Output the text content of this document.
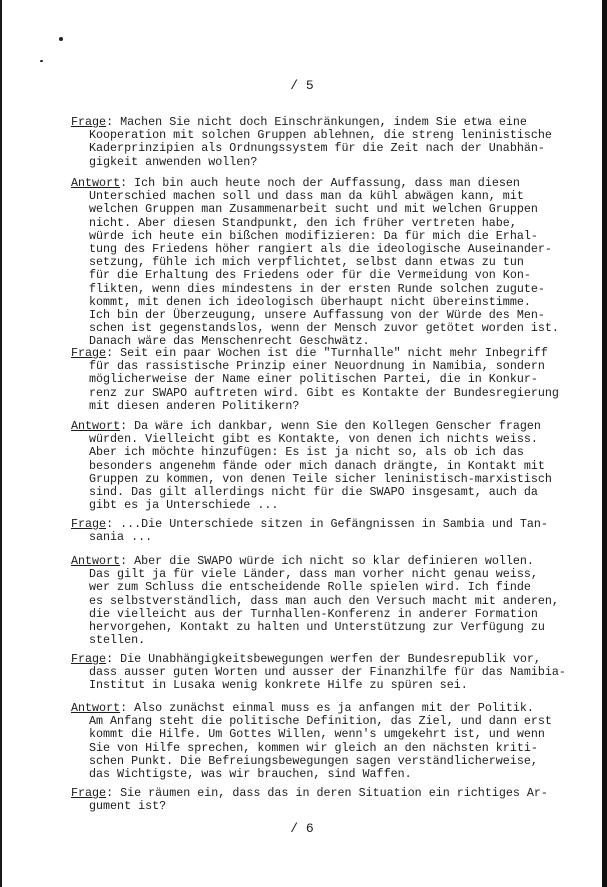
/ 5
Frage: Machen Sie nicht doch Einschränkungen, indem Sie etwa eine
Kooperation mit solchen Gruppen ablehnen, die streng leninistische
Kaderprinzipien als Ordnungssystem für die Zeit nach der Unabhän-
gigkeit anwenden wollen?
Antwort: Ich bin auch heute noch der Auffassung, dass man diesen
Unterschied machen soll und dass man da kühl abwägen kann, mit
welchen Gruppen man Zusammenarbeit sucht und mit welchen Gruppen
nicht. Aber diesen Standpunkt, den ich früher vertreten habe,
würde ich heute ein bißchen modifizieren: Da für mich die Erhal-
tung des Friedens höher rangiert als die ideologische Auseinander-
setzung, fühle ich mich verpflichtet, selbst dann etwas zu tun
für die Erhaltung des Friedens oder für die Vermeidung von Kon-
flikten, wenn dies mindestens in der ersten Runde solchen zugute-
kommt, mit denen ich ideologisch überhaupt nicht übereinstimme.
Ich bin der Überzeugung, unsere Auffassung von der Würde des Men-
schen ist gegenstandslos, wenn der Mensch zuvor getötet worden ist.
Danach wäre das Menschenrecht Geschwätz.
Frage: Seit ein paar Wochen ist die "Turnhalle" nicht mehr Inbegriff
für das rassistische Prinzip einer Neuordnung in Namibia, sondern
möglicherweise der Name einer politischen Partei, die in Konkur-
renz zur SWAPO auftreten wird. Gibt es Kontakte der Bundesregierung
mit diesen anderen Politikern?
Antwort: Da wäre ich dankbar, wenn Sie den Kollegen Genscher fragen
würden. Vielleicht gibt es Kontakte, von denen ich nichts weiss.
Aber ich möchte hinzufügen: Es ist ja nicht so, als ob ich das
besonders angenehm fände oder mich danach drängte, in Kontakt mit
Gruppen zu kommen, von denen Teile sicher leninistisch-marxistisch
sind. Das gilt allerdings nicht für die SWAPO insgesamt, auch da
gibt es ja Unterschiede ...
Frage: ...Die Unterschiede sitzen in Gefängnissen in Sambia und Tan-
sania ...
Antwort: Aber die SWAPO würde ich nicht so klar definieren wollen.
Das gilt ja für viele Länder, dass man vorher nicht genau weiss,
wer zum Schluss die entscheidende Rolle spielen wird. Ich finde
es selbstverständlich, dass man auch den Versuch macht mit anderen,
die vielleicht aus der Turnhallen-Konferenz in anderer Formation
hervorgehen, Kontakt zu halten und Unterstützung zur Verfügung zu
stellen.
Frage: Die Unabhängigkeitsbewegungen werfen der Bundesrepublik vor,
dass ausser guten Worten und ausser der Finanzhilfe für das Namibia-
Institut in Lusaka wenig konkrete Hilfe zu spüren sei.
Antwort: Also zunächst einmal muss es ja anfangen mit der Politik.
Am Anfang steht die politische Definition, das Ziel, und dann erst
kommt die Hilfe. Um Gottes Willen, wenn's umgekehrt ist, und wenn
Sie von Hilfe sprechen, kommen wir gleich an den nächsten kriti-
schen Punkt. Die Befreiungsbewegungen sagen verständlicherweise,
das Wichtigste, was wir brauchen, sind Waffen.
Frage: Sie räumen ein, dass das in deren Situation ein richtiges Ar-
gument ist?
/ 6
